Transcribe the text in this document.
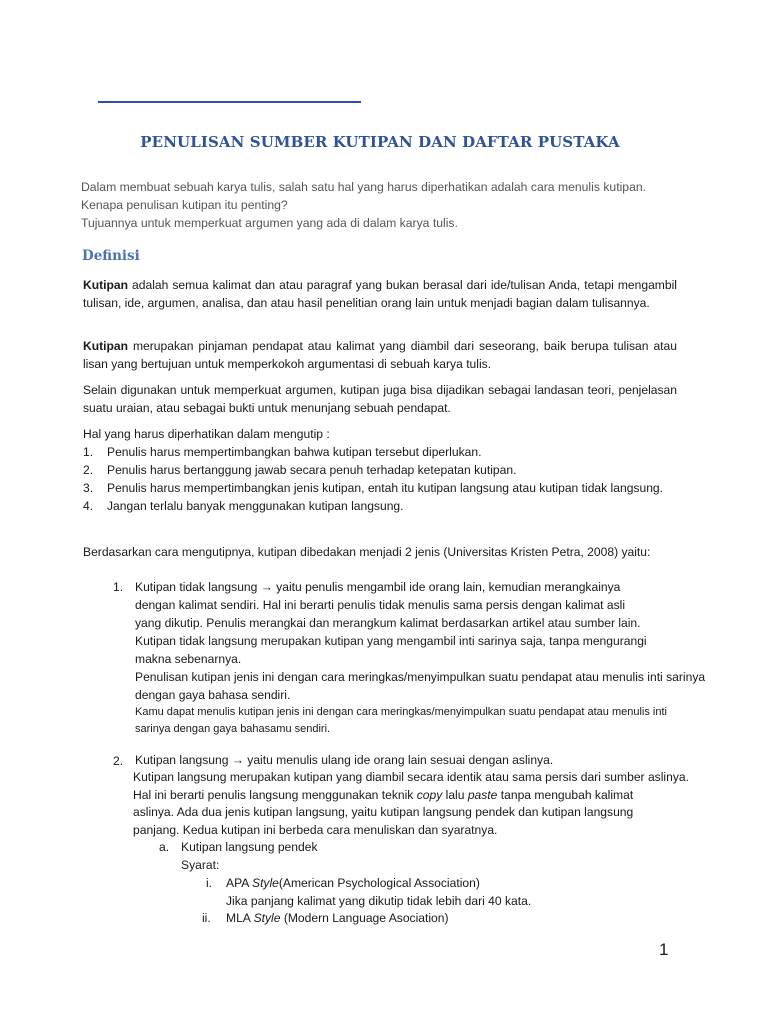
PENULISAN SUMBER KUTIPAN DAN DAFTAR PUSTAKA
Dalam membuat sebuah karya tulis, salah satu hal yang harus diperhatikan adalah cara menulis kutipan.
Kenapa penulisan kutipan itu penting?
Tujuannya untuk memperkuat argumen yang ada di dalam karya tulis.
Definisi
Kutipan adalah semua kalimat dan atau paragraf yang bukan berasal dari ide/tulisan Anda, tetapi mengambil tulisan, ide, argumen, analisa, dan atau hasil penelitian orang lain untuk menjadi bagian dalam tulisannya.
Kutipan merupakan pinjaman pendapat atau kalimat yang diambil dari seseorang, baik berupa tulisan atau lisan yang bertujuan untuk memperkokoh argumentasi di sebuah karya tulis.
Selain digunakan untuk memperkuat argumen, kutipan juga bisa dijadikan sebagai landasan teori, penjelasan suatu uraian, atau sebagai bukti untuk menunjang sebuah pendapat.
Hal yang harus diperhatikan dalam mengutip :
1. Penulis harus mempertimbangkan bahwa kutipan tersebut diperlukan.
2. Penulis harus bertanggung jawab secara penuh terhadap ketepatan kutipan.
3. Penulis harus mempertimbangkan jenis kutipan, entah itu kutipan langsung atau kutipan tidak langsung.
4. Jangan terlalu banyak menggunakan kutipan langsung.
Berdasarkan cara mengutipnya, kutipan dibedakan menjadi 2 jenis (Universitas Kristen Petra, 2008) yaitu:
1. Kutipan tidak langsung → yaitu penulis mengambil ide orang lain, kemudian merangkainya
dengan kalimat sendiri. Hal ini berarti penulis tidak menulis sama persis dengan kalimat asli
yang dikutip. Penulis merangkai dan merangkum kalimat berdasarkan artikel atau sumber lain.
Kutipan tidak langsung merupakan kutipan yang mengambil inti sarinya saja, tanpa mengurangi
makna sebenarnya.
Penulisan kutipan jenis ini dengan cara meringkas/menyimpulkan suatu pendapat atau menulis inti sarinya
dengan gaya bahasa sendiri.
Kamu dapat menulis kutipan jenis ini dengan cara meringkas/menyimpulkan suatu pendapat atau menulis inti
sarinya dengan gaya bahasamu sendiri.
2. Kutipan langsung → yaitu menulis ulang ide orang lain sesuai dengan aslinya.
Kutipan langsung merupakan kutipan yang diambil secara identik atau sama persis dari sumber aslinya.
Hal ini berarti penulis langsung menggunakan teknik copy lalu paste tanpa mengubah kalimat
aslinya. Ada dua jenis kutipan langsung, yaitu kutipan langsung pendek dan kutipan langsung
panjang. Kedua kutipan ini berbeda cara menuliskan dan syaratnya.
a. Kutipan langsung pendek
Syarat:
i. APA Style(American Psychological Association)
Jika panjang kalimat yang dikutip tidak lebih dari 40 kata.
ii. MLA Style (Modern Language Asociation)
1
